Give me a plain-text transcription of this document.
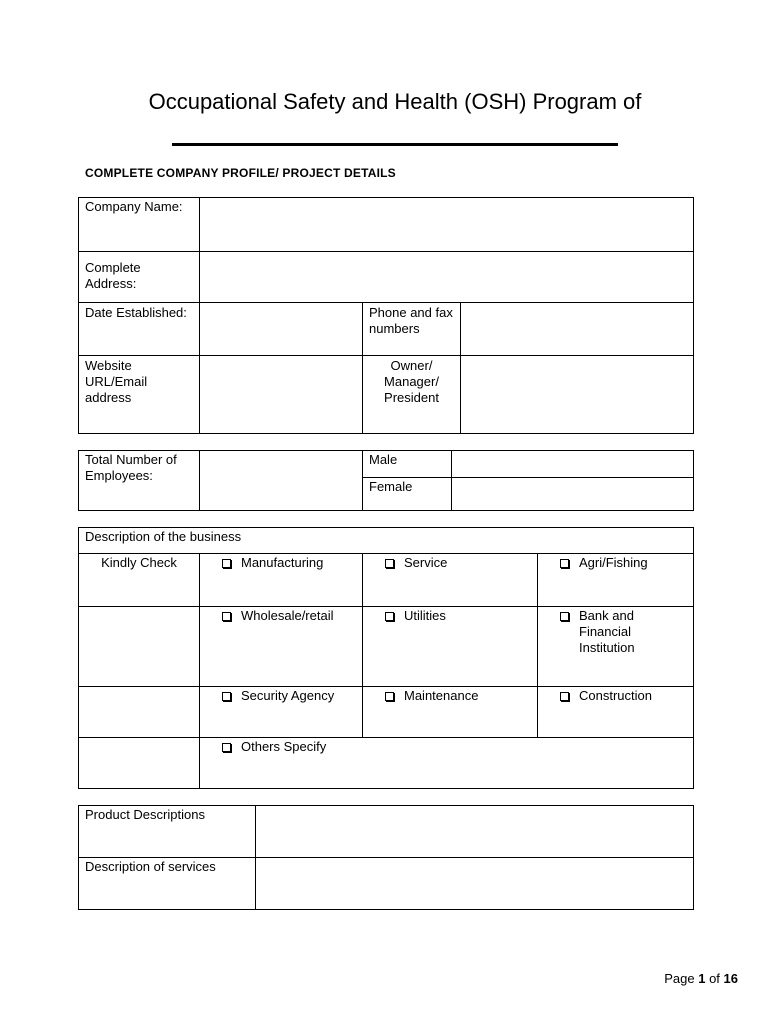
Occupational Safety and Health (OSH) Program of
COMPLETE COMPANY PROFILE/ PROJECT DETAILS
Company Name:			
Complete Address:			
Date Established:		Phone and fax numbers	
Website URL/Email address		Owner/ Manager/ President	
Total Number of Employees:		Male	
		Female	
Description of the business			
Kindly Check	Manufacturing	Service	Agri/Fishing

	Wholesale/retail	Utilities	Bank and Financial Institution

	Security Agency	Maintenance	Construction

	Others Specify		
Product Descriptions	
Description of services	
Page 1 of 16
